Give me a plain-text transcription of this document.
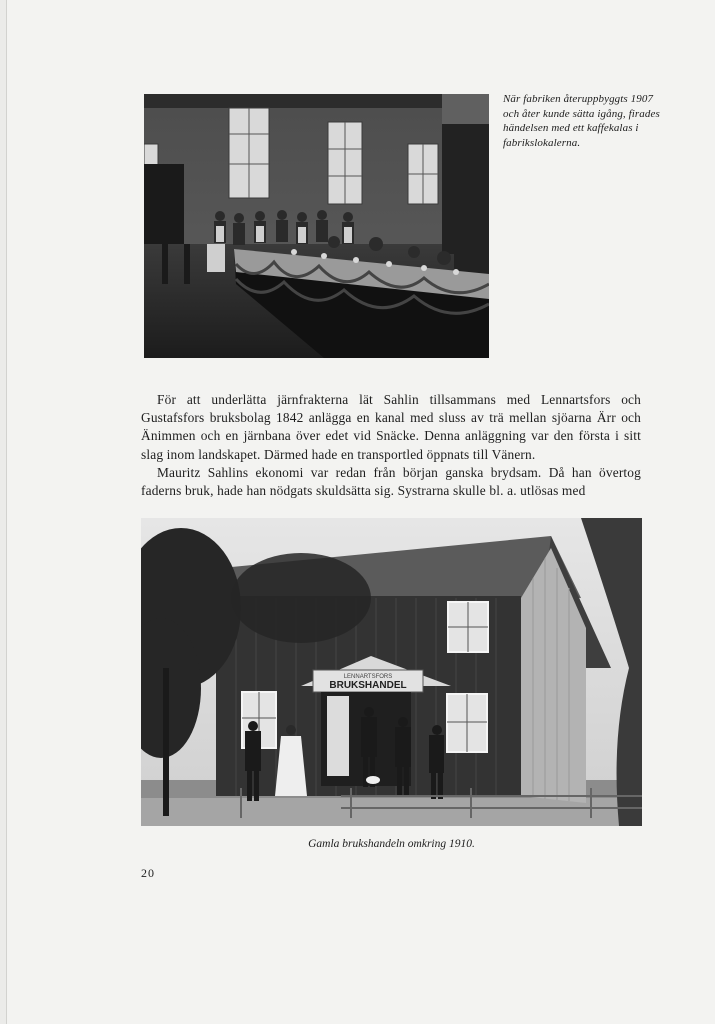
När fabriken återuppbyggts 1907 och åter kunde sätta igång, firades händelsen med ett kaffekalas i fabrikslokalerna.

För att underlätta järnfrakterna lät Sahlin tillsammans med Lennartsfors och Gustafsfors bruksbolag 1842 anlägga en kanal med sluss av trä mellan sjöarna Ärr och Änimmen och en järnbana över edet vid Snäcke. Denna anläggning var den första i sitt slag inom landskapet. Därmed hade en transportled öppnats till Vänern.

Mauritz Sahlins ekonomi var redan från början ganska brydsam. Då han övertog faderns bruk, hade han nödgats skuldsätta sig. Systrarna skulle bl. a. utlösas med

LENNARTSFORS
BRUKSHANDEL
Gamla brukshandeln omkring 1910.
20
